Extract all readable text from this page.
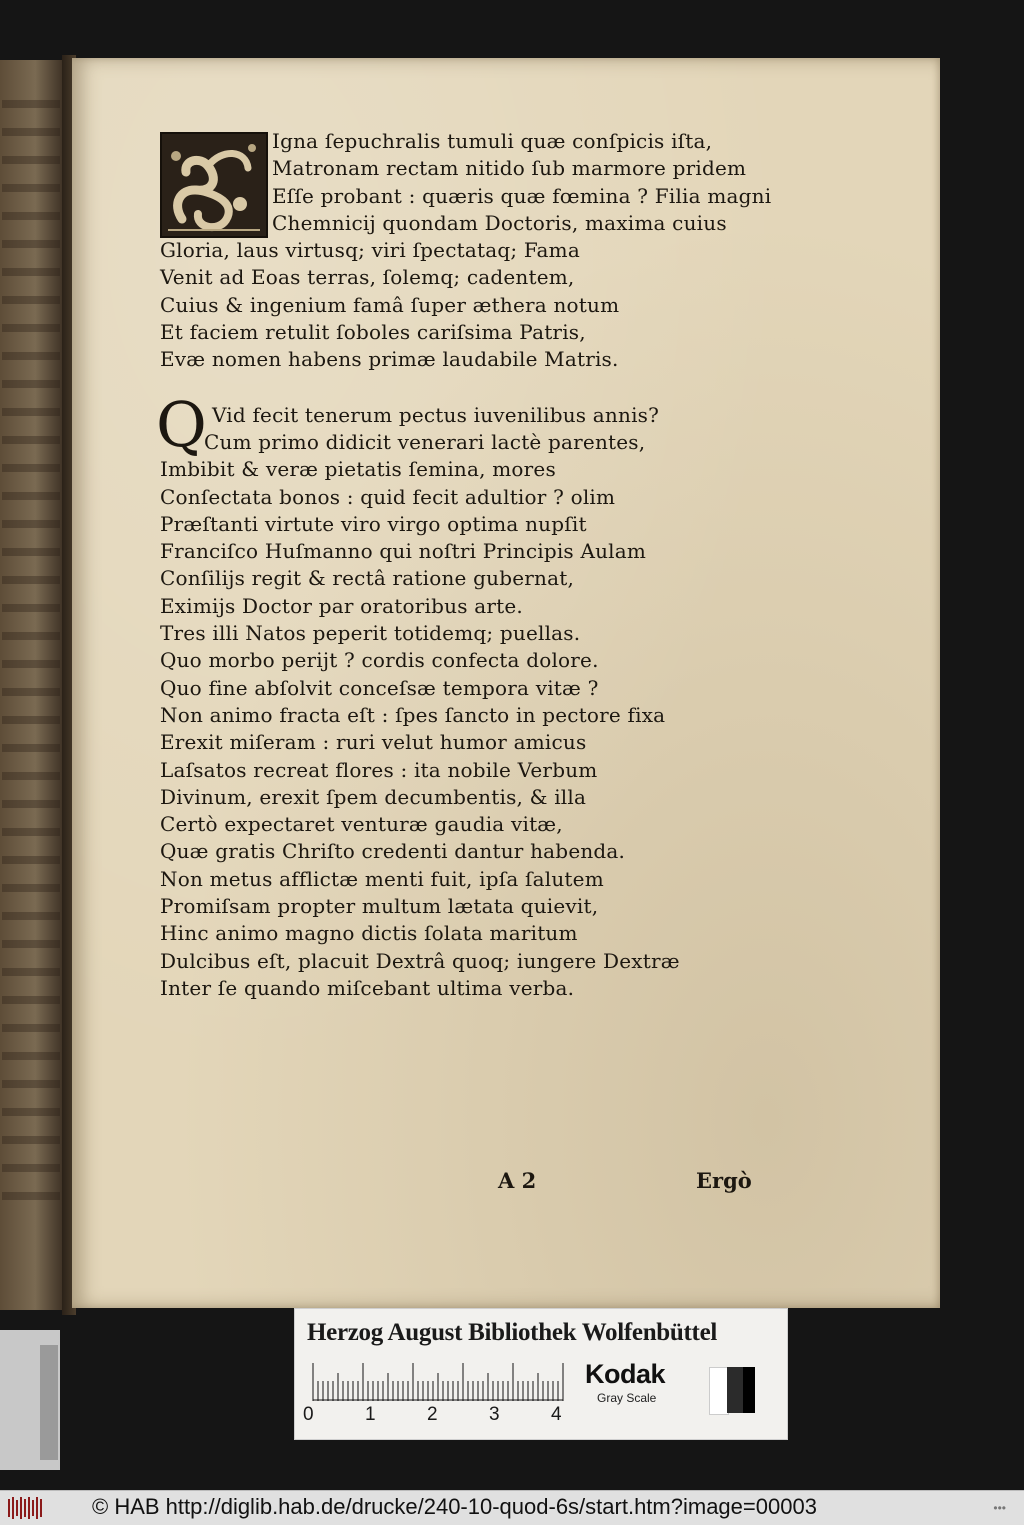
Igna ſepuchralis tumuli quæ conſpicis iſta,
Matronam rectam nitido ſub marmore pridem
Eſſe probant : quæris quæ fœmina ? Filia magni
Chemnicij quondam Doctoris, maxima cuius
Gloria, laus virtusq; viri ſpectataq; Fama
Venit ad Eoas terras, ſolemq; cadentem,
Cuius & ingenium famâ ſuper æthera notum
Et faciem retulit ſoboles cariſsima Patris,
Evæ nomen habens primæ laudabile Matris.
Q Vid fecit tenerum pectus iuvenilibus annis?
Cum primo didicit venerari lactè parentes,
Imbibit & veræ pietatis ſemina, mores
Conſectata bonos : quid fecit adultior ? olim
Præſtanti virtute viro virgo optima nupſit
Franciſco Huſmanno qui noſtri Principis Aulam
Conſilijs regit & rectâ ratione gubernat,
Eximijs Doctor par oratoribus arte.
Tres illi Natos peperit totidemq; puellas.
Quo morbo perijt ? cordis confecta dolore.
Quo fine abſolvit conceſsæ tempora vitæ ?
Non animo fracta eſt : ſpes ſancto in pectore fixa
Erexit miſeram : ruri velut humor amicus
Laſsatos recreat flores : ita nobile Verbum
Divinum, erexit ſpem decumbentis, & illa
Certò expectaret venturæ gaudia vitæ,
Quæ gratis Chriſto credenti dantur habenda.
Non metus afflictæ menti fuit, ipſa ſalutem
Promiſsam propter multum lætata quievit,
Hinc animo magno dictis ſolata maritum
Dulcibus eſt, placuit Dextrâ quoq; iungere Dextræ
Inter ſe quando miſcebant ultima verba.
A 2	Ergò
Herzog August Bibliothek Wolfenbüttel
0	1	2	3	4
Kodak
Gray Scale
© HAB http://diglib.hab.de/drucke/240-10-quod-6s/start.htm?image=00003	•••
